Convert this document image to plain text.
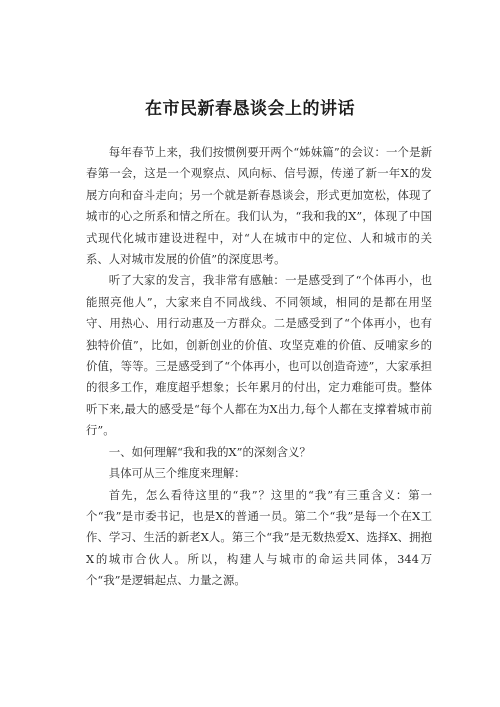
在市民新春恳谈会上的讲话

每年春节上来，我们按惯例要开两个“姊妹篇”的会议：一个是新春第一会，这是一个观察点、风向标、信号源，传递了新一年X的发展方向和奋斗走向；另一个就是新春恳谈会，形式更加宽松，体现了城市的心之所系和情之所在。我们认为，“我和我的X”，体现了中国式现代化城市建设进程中，对“人在城市中的定位、人和城市的关系、人对城市发展的价值”的深度思考。

听了大家的发言，我非常有感触：一是感受到了“个体再小，也能照亮他人”，大家来自不同战线、不同领域，相同的是都在用坚守、用热心、用行动惠及一方群众。二是感受到了“个体再小，也有独特价值”，比如，创新创业的价值、攻坚克难的价值、反哺家乡的价值，等等。三是感受到了“个体再小，也可以创造奇迹”，大家承担的很多工作，难度超乎想象；长年累月的付出，定力难能可贵。整体听下来,最大的感受是“每个人都在为X出力,每个人都在支撑着城市前行”。

一、如何理解“我和我的X”的深刻含义？

具体可从三个维度来理解：

首先，怎么看待这里的“我”？这里的“我”有三重含义：第一个“我”是市委书记，也是X的普通一员。第二个“我”是每一个在X工作、学习、生活的新老X人。第三个“我”是无数热爱X、选择X、拥抱X的城市合伙人。所以，构建人与城市的命运共同体，344万个“我”是逻辑起点、力量之源。
